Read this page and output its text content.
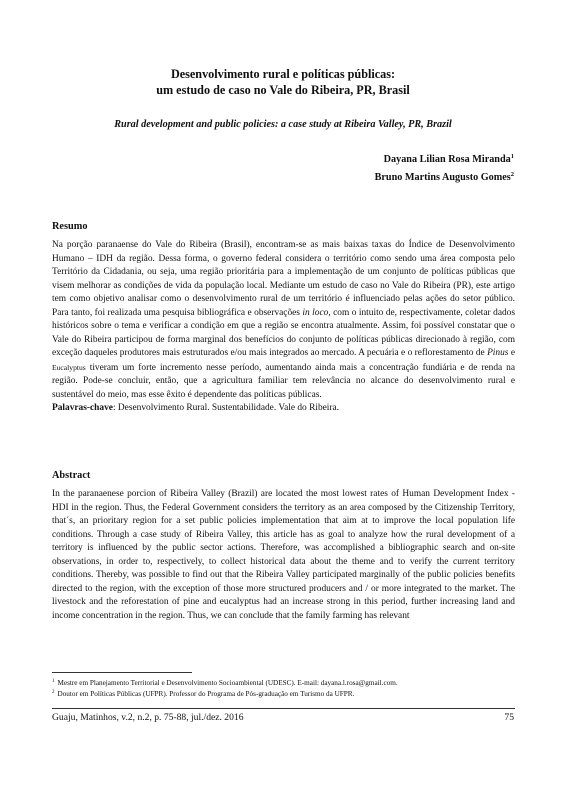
Desenvolvimento rural e políticas públicas:
um estudo de caso no Vale do Ribeira, PR, Brasil
Rural development and public policies: a case study at Ribeira Valley, PR, Brazil
Dayana Lilian Rosa Miranda$^1$
Bruno Martins Augusto Gomes$^2$
Resumo

Na porção paranaense do Vale do Ribeira (Brasil), encontram-se as mais baixas taxas do Índice de Desenvolvimento Humano – IDH da região. Dessa forma, o governo federal considera o território como sendo uma área composta pelo Território da Cidadania, ou seja, uma região prioritária para a implementação de um conjunto de políticas públicas que visem melhorar as condições de vida da população local. Mediante um estudo de caso no Vale do Ribeira (PR), este artigo tem como objetivo analisar como o desenvolvimento rural de um território é influenciado pelas ações do setor público. Para tanto, foi realizada uma pesquisa bibliográfica e observações in loco, com o intuito de, respectivamente, coletar dados históricos sobre o tema e verificar a condição em que a região se encontra atualmente. Assim, foi possível constatar que o Vale do Ribeira participou de forma marginal dos benefícios do conjunto de políticas públicas direcionado à região, com exceção daqueles produtores mais estruturados e/ou mais integrados ao mercado. A pecuária e o reflorestamento de Pinus e Eucalyptus tiveram um forte incremento nesse período, aumentando ainda mais a concentração fundiária e de renda na região. Pode-se concluir, então, que a agricultura familiar tem relevância no alcance do desenvolvimento rural e sustentável do meio, mas esse êxito é dependente das políticas públicas.
Palavras-chave: Desenvolvimento Rural. Sustentabilidade. Vale do Ribeira.

Abstract

In the paranaenese porcion of Ribeira Valley (Brazil) are located the most lowest rates of Human Development Index - HDI in the region. Thus, the Federal Government considers the territory as an area composed by the Citizenship Territory, that´s, an prioritary region for a set public policies implementation that aim at to improve the local population life conditions. Through a case study of Ribeira Valley, this article has as goal to analyze how the rural development of a territory is influenced by the public sector actions. Therefore, was accomplished a bibliographic search and on-site observations, in order to, respectively, to collect historical data about the theme and to verify the current territory conditions. Thereby, was possible to find out that the Ribeira Valley participated marginally of the public policies benefits directed to the region, with the exception of those more structured producers and / or more integrated to the market. The livestock and the reforestation of pine and eucalyptus had an increase strong in this period, further increasing land and income concentration in the region. Thus, we can conclude that the family farming has relevant

$^1$ Mestre em Planejamento Territorial e Desenvolvimento Socioambiental (UDESC). E-mail: dayana.l.rosa@gmail.com.
$^2$ Doutor em Políticas Públicas (UFPR). Professor do Programa de Pós-graduação em Turismo da UFPR.
Guaju, Matinhos, v.2, n.2, p. 75-88, jul./dez. 2016	75
